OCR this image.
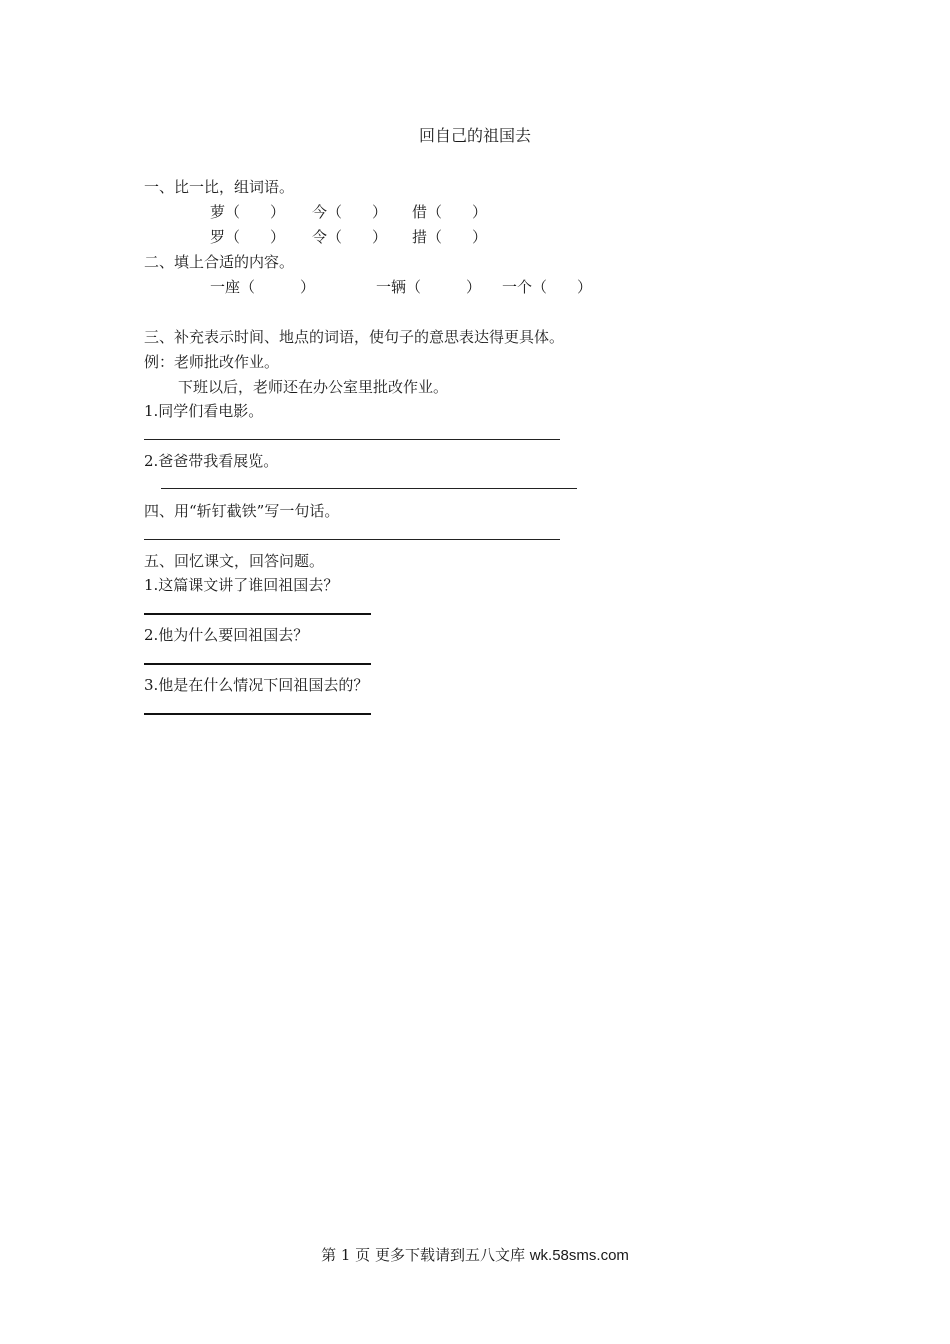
回自己的祖国去
一、比一比，组词语。
萝（　　） 今（　　） 借（　　）
罗（　　） 令（　　） 措（　　）
二、填上合适的内容。
一座（　　　）	一辆（　　　） 一个（　　）
三、补充表示时间、地点的词语，使句子的意思表达得更具体。
例：老师批改作业。
下班以后，老师还在办公室里批改作业。
1.同学们看电影。
2.爸爸带我看展览。
四、用“斩钉截铁”写一句话。
五、回忆课文，回答问题。
1.这篇课文讲了谁回祖国去？
2.他为什么要回祖国去？
3.他是在什么情况下回祖国去的？
第 1 页 更多下载请到五八文库 wk.58sms.com
